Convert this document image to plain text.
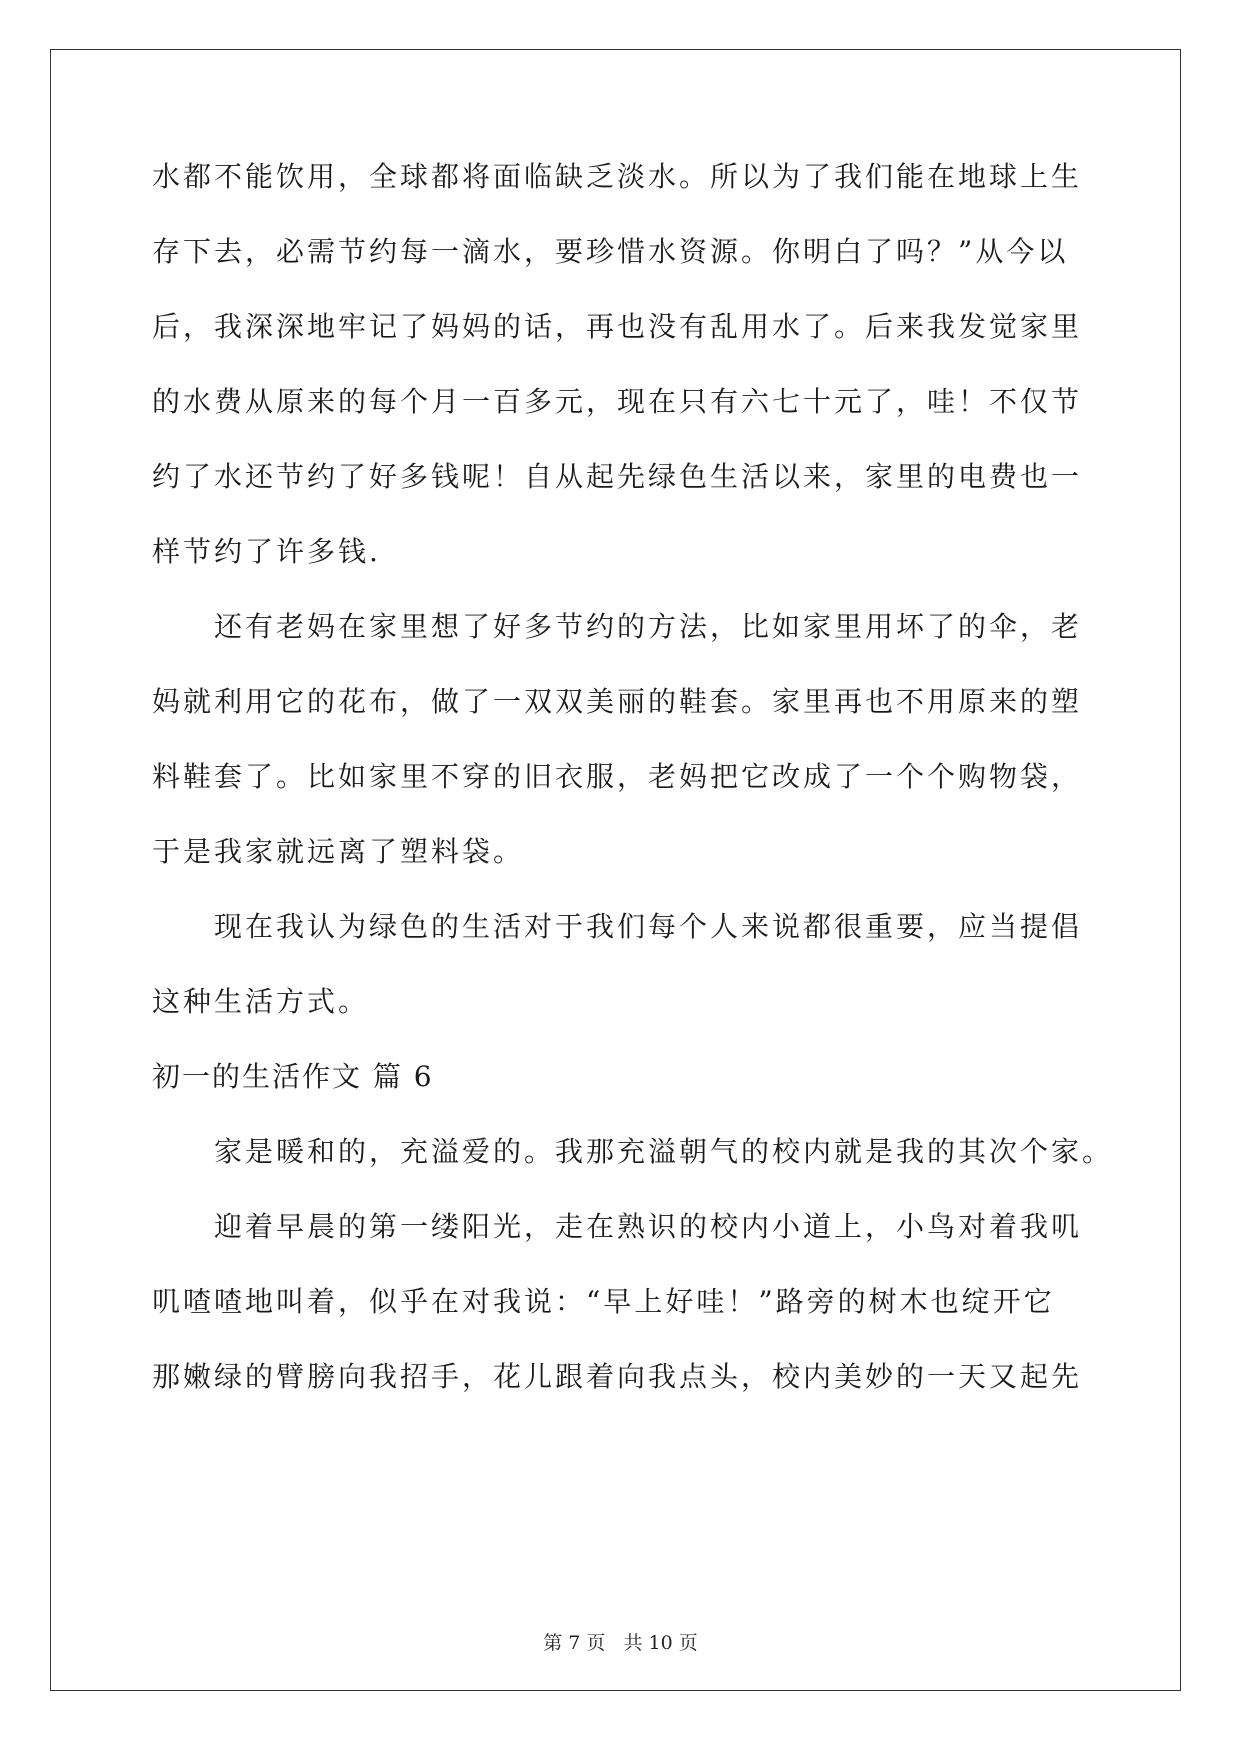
水都不能饮用，全球都将面临缺乏淡水。所以为了我们能在地球上生
存下去，必需节约每一滴水，要珍惜水资源。你明白了吗？”从今以
后，我深深地牢记了妈妈的话，再也没有乱用水了。后来我发觉家里
的水费从原来的每个月一百多元，现在只有六七十元了，哇！不仅节
约了水还节约了好多钱呢！自从起先绿色生活以来，家里的电费也一
样节约了许多钱.
还有老妈在家里想了好多节约的方法，比如家里用坏了的伞，老
妈就利用它的花布，做了一双双美丽的鞋套。家里再也不用原来的塑
料鞋套了。比如家里不穿的旧衣服，老妈把它改成了一个个购物袋，
于是我家就远离了塑料袋。
现在我认为绿色的生活对于我们每个人来说都很重要，应当提倡
这种生活方式。
初一的生活作文 篇 6
家是暖和的，充溢爱的。我那充溢朝气的校内就是我的其次个家。
迎着早晨的第一缕阳光，走在熟识的校内小道上，小鸟对着我叽
叽喳喳地叫着，似乎在对我说：“早上好哇！”路旁的树木也绽开它
那嫩绿的臂膀向我招手，花儿跟着向我点头，校内美妙的一天又起先
第 7 页 共 10 页
